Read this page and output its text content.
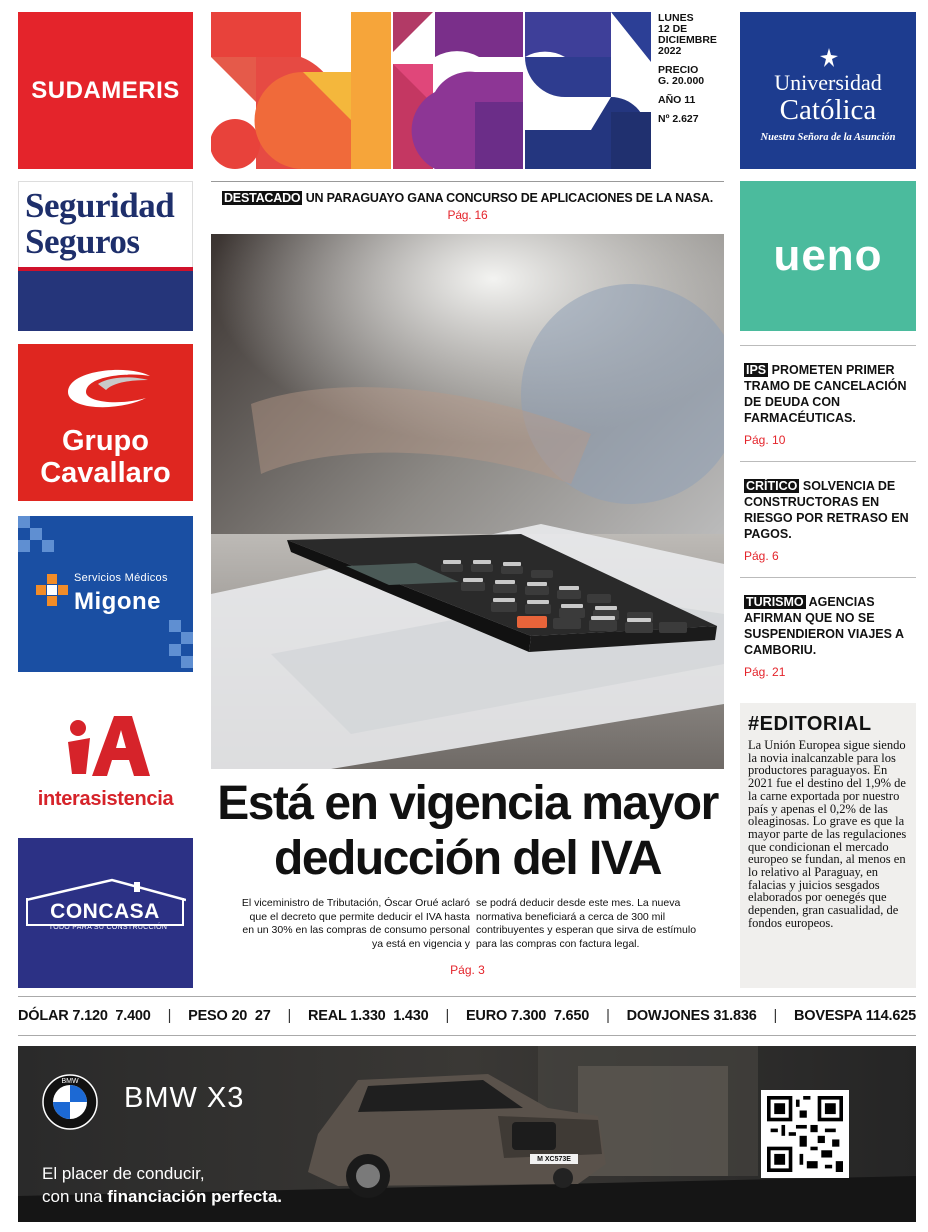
SUDAMERIS
Seguridad
Seguros
Grupo
Cavallaro
Servicios Médicos
Migone
interasistencia
CONCASA
TODO PARA SU CONSTRUCCIÓN
LUNES
12 DE
DICIEMBRE
2022
PRECIO
G. 20.000
AÑO 11
Nº 2.627
Universidad
Católica
Nuestra Señora de la Asunción
ueno
IPS PROMETEN PRIMER TRAMO DE CANCELACIÓN DE DEUDA CON FARMACÉUTICAS.
Pág. 10
CRÍTICO SOLVENCIA DE CONSTRUCTORAS EN RIESGO POR RETRASO EN PAGOS.
Pág. 6
TURISMO AGENCIAS AFIRMAN QUE NO SE SUSPENDIERON VIAJES A CAMBORIU.
Pág. 21
#EDITORIAL
La Unión Europea sigue siendo la novia inalcanzable para los productores paraguayos. En 2021 fue el destino del 1,9% de la carne exportada por nuestro país y apenas el 0,2% de las oleaginosas. Lo grave es que la mayor parte de las regulaciones que condicionan el mercado europeo se fundan, al menos en lo relativo al Paraguay, en falacias y juicios sesgados elaborados por oenegés que dependen, gran casualidad, de fondos europeos.
DESTACADO UN PARAGUAYO GANA CONCURSO DE APLICACIONES DE LA NASA.
Pág. 16
Está en vigencia mayor deducción del IVA
El viceministro de Tributación, Óscar Orué aclaró que el decreto que permite deducir el IVA hasta en un 30% en las compras de consumo personal ya está en vigencia y
se podrá deducir desde este mes. La nueva normativa beneficiará a cerca de 300 mil contribuyentes y esperan que sirva de estímulo para las compras con factura legal.
Pág. 3
DÓLAR 7.120 7.400 | PESO 20 27 | REAL 1.330 1.430 | EURO 7.300 7.650 | DOWJONES 31.836 | BOVESPA 114.625
BMW
BMW X3
El placer de conducir,
con una financiación perfecta.
M XC573E
